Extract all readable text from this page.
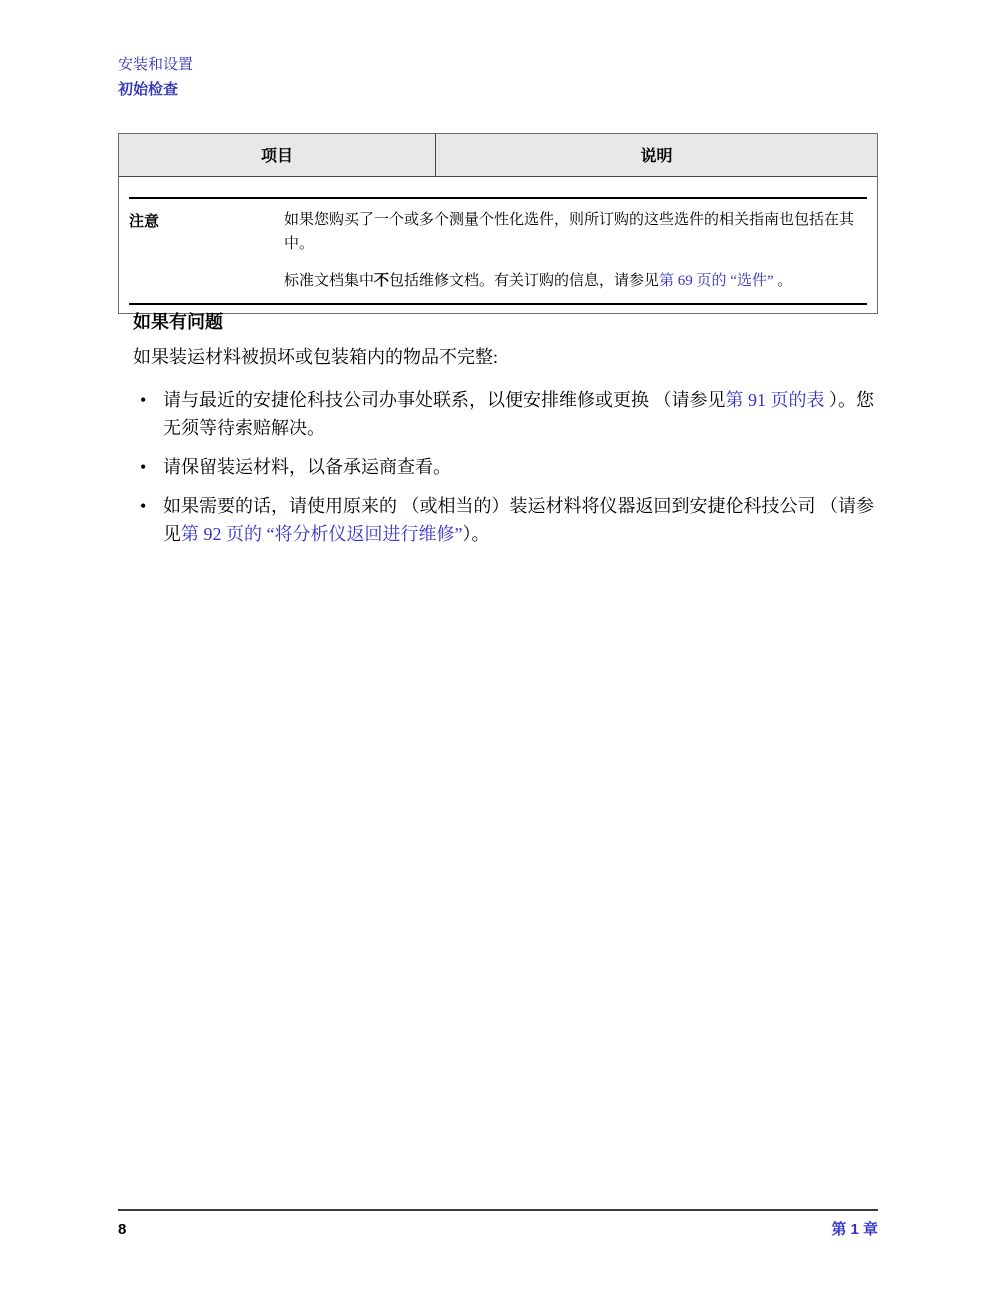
安装和设置
初始检查
项目	说明
注意	如果您购买了一个或多个测量个性化选件，则所订购的这些选件的相关指南也包括在其中。

标准文档集中不包括维修文档。有关订购的信息，请参见第 69 页的 “选件” 。

如果有问题

如果装运材料被损坏或包装箱内的物品不完整:

• 请与最近的安捷伦科技公司办事处联系，以便安排维修或更换 （请参见第 91 页的表 ）。您无须等待索赔解决。
• 请保留装运材料，以备承运商查看。
• 如果需要的话，请使用原来的 （或相当的）装运材料将仪器返回到安捷伦科技公司 （请参见第 92 页的 “将分析仪返回进行维修”）。
8	第 1 章
